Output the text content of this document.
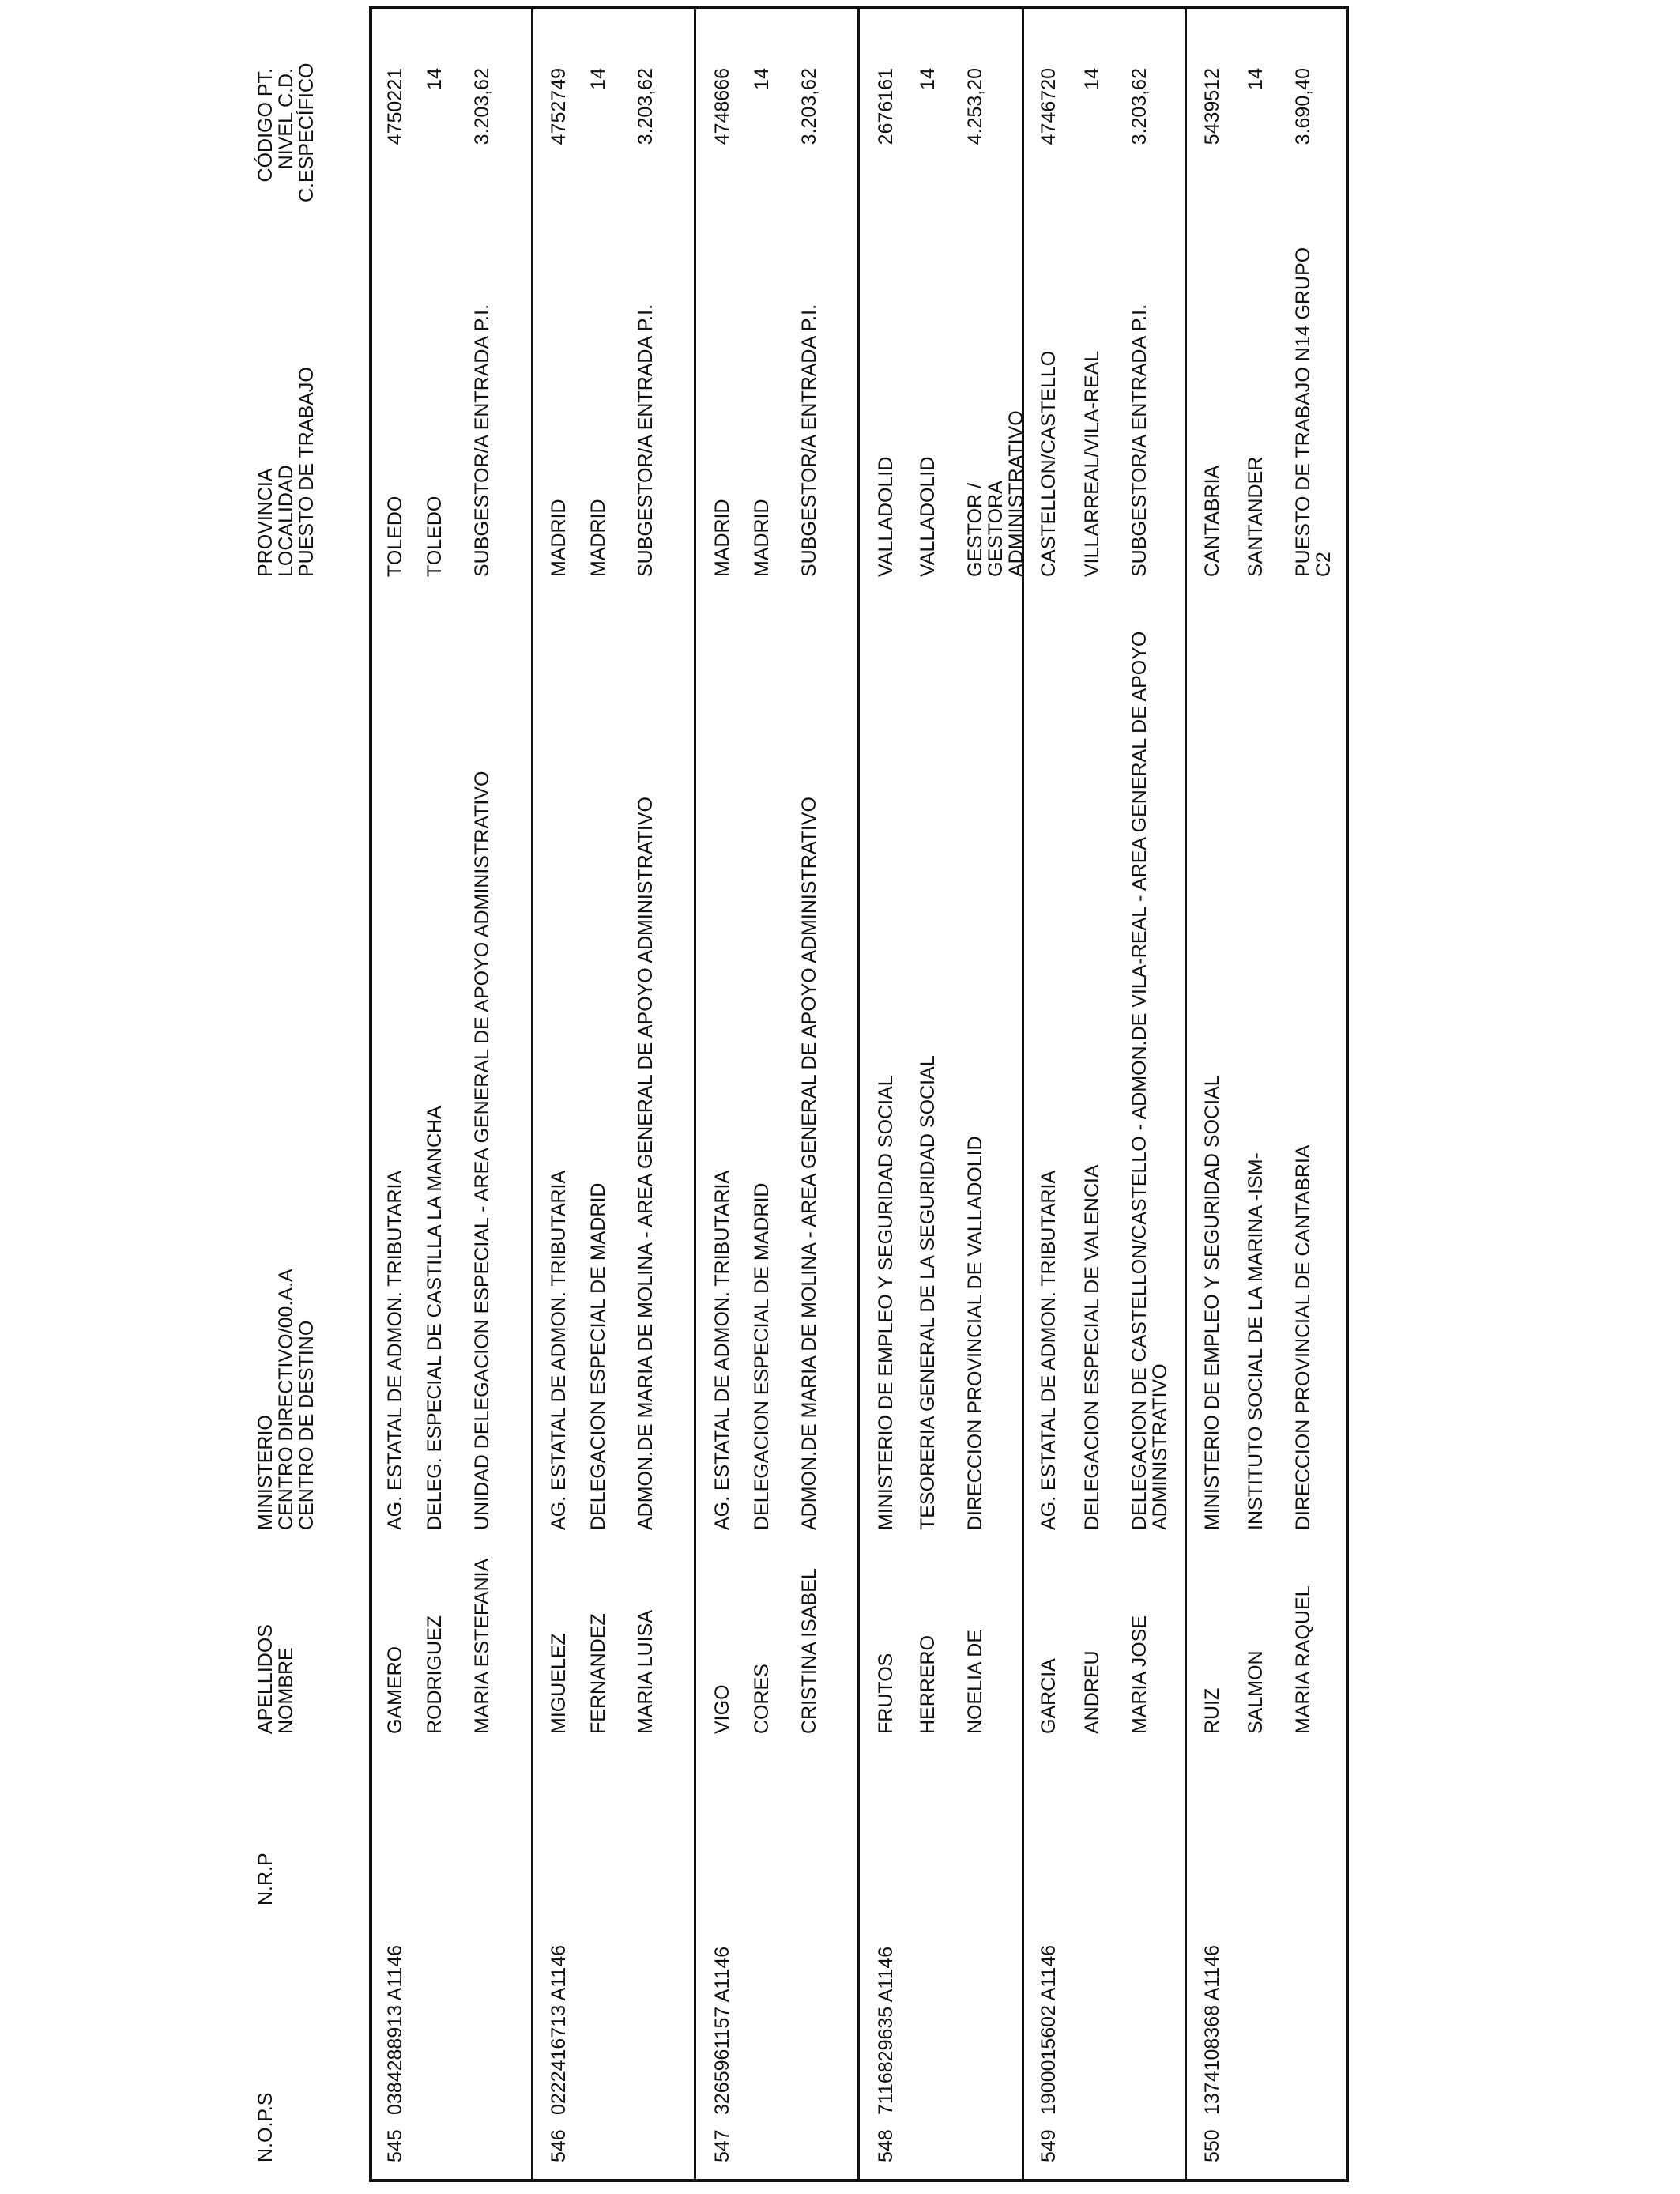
N.O.P.S
N.R.P
APELLIDOS
NOMBRE
MINISTERIO
CENTRO DIRECTIVO/00.A.A
CENTRO DE DESTINO
PROVINCIA
LOCALIDAD
PUESTO DE TRABAJO
CÓDIGO PT.
NIVEL C.D.
C.ESPECÍFICO
545
0384288913 A1146
GAMERO RODRIGUEZ MARIA ESTEFANIA
AG. ESTATAL DE ADMON. TRIBUTARIA DELEG. ESPECIAL DE CASTILLA LA MANCHA UNIDAD DELEGACION ESPECIAL - AREA GENERAL DE APOYO ADMINISTRATIVO
TOLEDO TOLEDO SUBGESTOR/A ENTRADA P.I.
4750221 14 3.203,62
546
0222416713 A1146
MIGUELEZ FERNANDEZ MARIA LUISA
AG. ESTATAL DE ADMON. TRIBUTARIA DELEGACION ESPECIAL DE MADRID ADMON.DE MARIA DE MOLINA - AREA GENERAL DE APOYO ADMINISTRATIVO
MADRID MADRID SUBGESTOR/A ENTRADA P.I.
4752749 14 3.203,62
547
3265961157 A1146
VIGO CORES CRISTINA ISABEL
AG. ESTATAL DE ADMON. TRIBUTARIA DELEGACION ESPECIAL DE MADRID ADMON.DE MARIA DE MOLINA - AREA GENERAL DE APOYO ADMINISTRATIVO
MADRID MADRID SUBGESTOR/A ENTRADA P.I.
4748666 14 3.203,62
548
7116829635 A1146
FRUTOS HERRERO NOELIA DE
MINISTERIO DE EMPLEO Y SEGURIDAD SOCIAL TESORERIA GENERAL DE LA SEGURIDAD SOCIAL DIRECCION PROVINCIAL DE VALLADOLID
VALLADOLID VALLADOLID GESTOR / GESTORA ADMINISTRATIVO
2676161 14 4.253,20
549
1900015602 A1146
GARCIA ANDREU MARIA JOSE
AG. ESTATAL DE ADMON. TRIBUTARIA DELEGACION ESPECIAL DE VALENCIA DELEGACION DE CASTELLON/CASTELLO - ADMON.DE VILA-REAL - AREA GENERAL DE APOYO ADMINISTRATIVO
CASTELLON/CASTELLO VILLARREAL/VILA-REAL SUBGESTOR/A ENTRADA P.I.
4746720 14 3.203,62
550
1374108368 A1146
RUIZ SALMON MARIA RAQUEL
MINISTERIO DE EMPLEO Y SEGURIDAD SOCIAL INSTITUTO SOCIAL DE LA MARINA -ISM- DIRECCION PROVINCIAL DE CANTABRIA
CANTABRIA SANTANDER PUESTO DE TRABAJO N14 GRUPO C2
5439512 14 3.690,40
